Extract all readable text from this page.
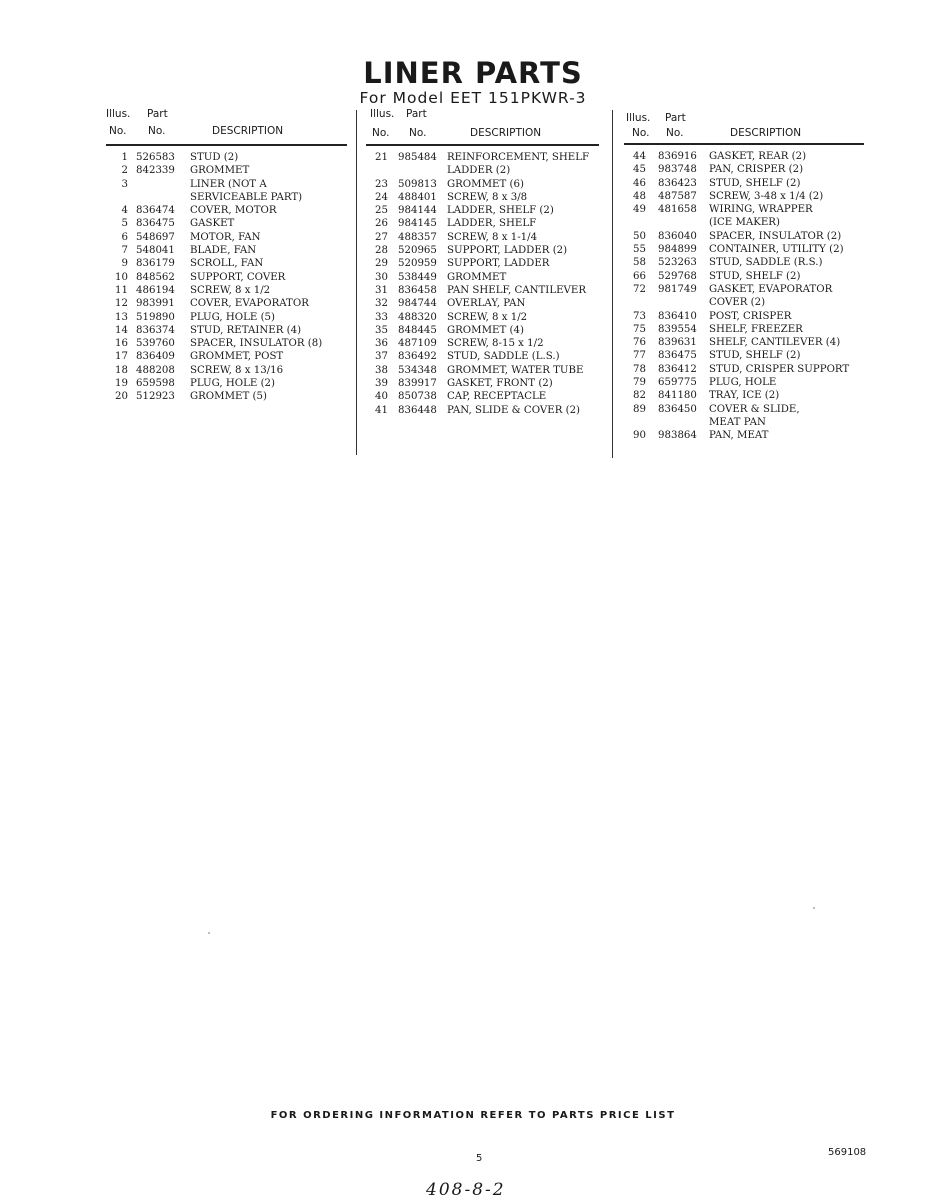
LINER PARTS
For Model EET 151PKWR-3
Illus. Part
No. No.	DESCRIPTION
1 526583 STUD (2)
2 842339 GROMMET
3	LINER (NOT A
SERVICEABLE PART)
4 836474 COVER, MOTOR
5 836475 GASKET
6 548697 MOTOR, FAN
7 548041 BLADE, FAN
9 836179 SCROLL, FAN
10 848562 SUPPORT, COVER
11 486194 SCREW, 8 x 1/2
12 983991 COVER, EVAPORATOR
13 519890 PLUG, HOLE (5)
14 836374 STUD, RETAINER (4)
16 539760 SPACER, INSULATOR (8)
17 836409 GROMMET, POST
18 488208 SCREW, 8 x 13/16
19 659598 PLUG, HOLE (2)
20 512923 GROMMET (5)
Illus. Part
No. No.	DESCRIPTION
21 985484 REINFORCEMENT, SHELF
LADDER (2)
23 509813 GROMMET (6)
24 488401 SCREW, 8 x 3/8
25 984144 LADDER, SHELF (2)
26 984145 LADDER, SHELF
27 488357 SCREW, 8 x 1-1/4
28 520965 SUPPORT, LADDER (2)
29 520959 SUPPORT, LADDER
30 538449 GROMMET
31 836458 PAN SHELF, CANTILEVER
32 984744 OVERLAY, PAN
33 488320 SCREW, 8 x 1/2
35 848445 GROMMET (4)
36 487109 SCREW, 8-15 x 1/2
37 836492 STUD, SADDLE (L.S.)
38 534348 GROMMET, WATER TUBE
39 839917 GASKET, FRONT (2)
40 850738 CAP, RECEPTACLE
41 836448 PAN, SLIDE & COVER (2)
Illus. Part
No. No.	DESCRIPTION
44 836916 GASKET, REAR (2)
45 983748 PAN, CRISPER (2)
46 836423 STUD, SHELF (2)
48 487587 SCREW, 3-48 x 1/4 (2)
49 481658 WIRING, WRAPPER
(ICE MAKER)
50 836040 SPACER, INSULATOR (2)
55 984899 CONTAINER, UTILITY (2)
58 523263 STUD, SADDLE (R.S.)
66 529768 STUD, SHELF (2)
72 981749 GASKET, EVAPORATOR
COVER (2)
73 836410 POST, CRISPER
75 839554 SHELF, FREEZER
76 839631 SHELF, CANTILEVER (4)
77 836475 STUD, SHELF (2)
78 836412 STUD, CRISPER SUPPORT
79 659775 PLUG, HOLE
82 841180 TRAY, ICE (2)
89 836450 COVER & SLIDE,
MEAT PAN
90 983864 PAN, MEAT
FOR ORDERING INFORMATION REFER TO PARTS PRICE LIST
5
569108
408-8-2
